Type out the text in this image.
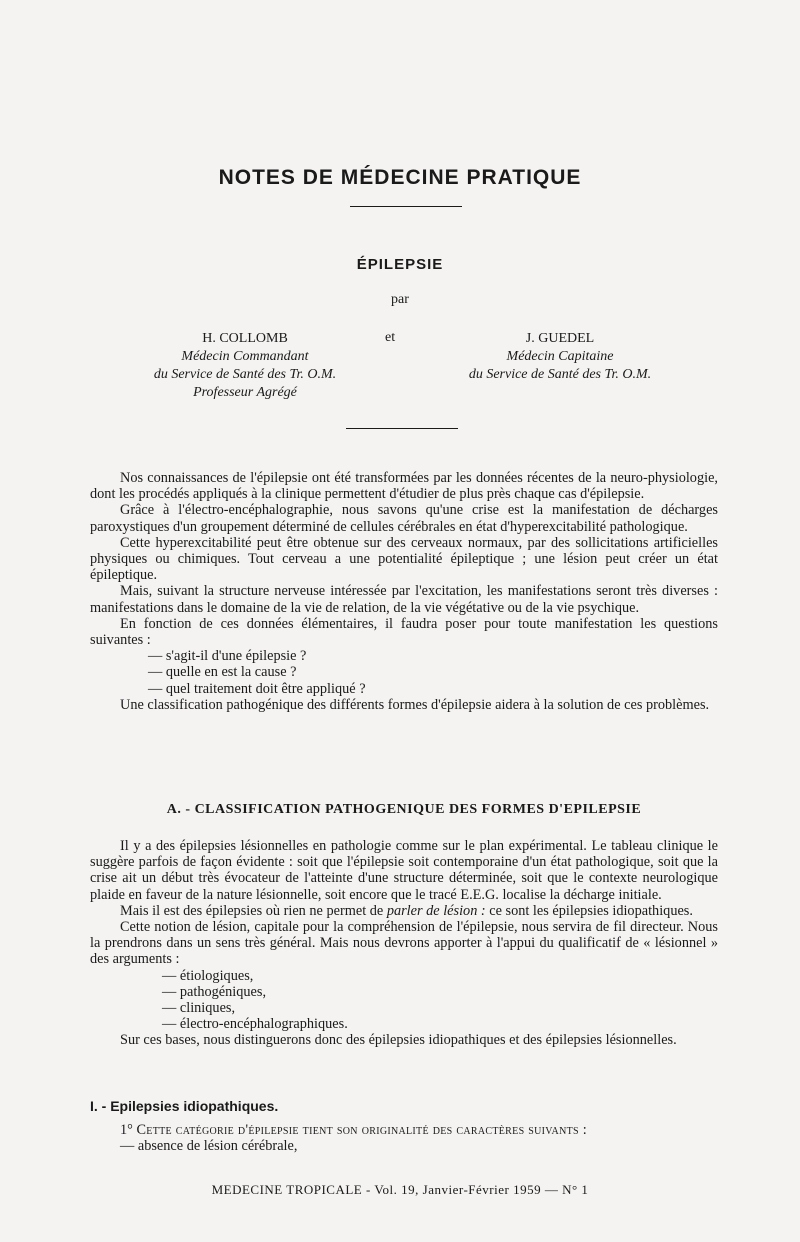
NOTES DE MÉDECINE PRATIQUE
ÉPILEPSIE
par
H. COLLOMB
Médecin Commandant
du Service de Santé des Tr. O.M.
Professeur Agrégé
et	J. GUEDEL
Médecin Capitaine
du Service de Santé des Tr. O.M.

Nos connaissances de l'épilepsie ont été transformées par les données récentes de la neuro-physiologie, dont les procédés appliqués à la clinique permettent d'étudier de plus près chaque cas d'épilepsie.

Grâce à l'électro-encéphalographie, nous savons qu'une crise est la manifestation de décharges paroxystiques d'un groupement déterminé de cellules cérébrales en état d'hyperexcitabilité pathologique.

Cette hyperexcitabilité peut être obtenue sur des cerveaux normaux, par des sollicitations artificielles physiques ou chimiques. Tout cerveau a une potentialité épileptique ; une lésion peut créer un état épileptique.

Mais, suivant la structure nerveuse intéressée par l'excitation, les manifestations seront très diverses : manifestations dans le domaine de la vie de relation, de la vie végétative ou de la vie psychique.

En fonction de ces données élémentaires, il faudra poser pour toute manifestation les questions suivantes :

— s'agit-il d'une épilepsie ?
— quelle en est la cause ?
— quel traitement doit être appliqué ?

Une classification pathogénique des différents formes d'épilepsie aidera à la solution de ces problèmes.

A. - CLASSIFICATION PATHOGENIQUE DES FORMES D'EPILEPSIE

Il y a des épilepsies lésionnelles en pathologie comme sur le plan expérimental. Le tableau clinique le suggère parfois de façon évidente : soit que l'épilepsie soit contemporaine d'un état pathologique, soit que la crise ait un début très évocateur de l'atteinte d'une structure déterminée, soit que le contexte neurologique plaide en faveur de la nature lésionnelle, soit encore que le tracé E.E.G. localise la décharge initiale.

Mais il est des épilepsies où rien ne permet de parler de lésion : ce sont les épilepsies idiopathiques.

Cette notion de lésion, capitale pour la compréhension de l'épilepsie, nous servira de fil directeur. Nous la prendrons dans un sens très général. Mais nous devrons apporter à l'appui du qualificatif de « lésionnel » des arguments :

— étiologiques,
— pathogéniques,
— cliniques,
— électro-encéphalographiques.

Sur ces bases, nous distinguerons donc des épilepsies idiopathiques et des épilepsies lésionnelles.

I. - Epilepsies idiopathiques.

1° Cette catégorie d'épilepsie tient son originalité des caractères suivants :

— absence de lésion cérébrale,

MEDECINE TROPICALE - Vol. 19, Janvier-Février 1959 — N° 1
